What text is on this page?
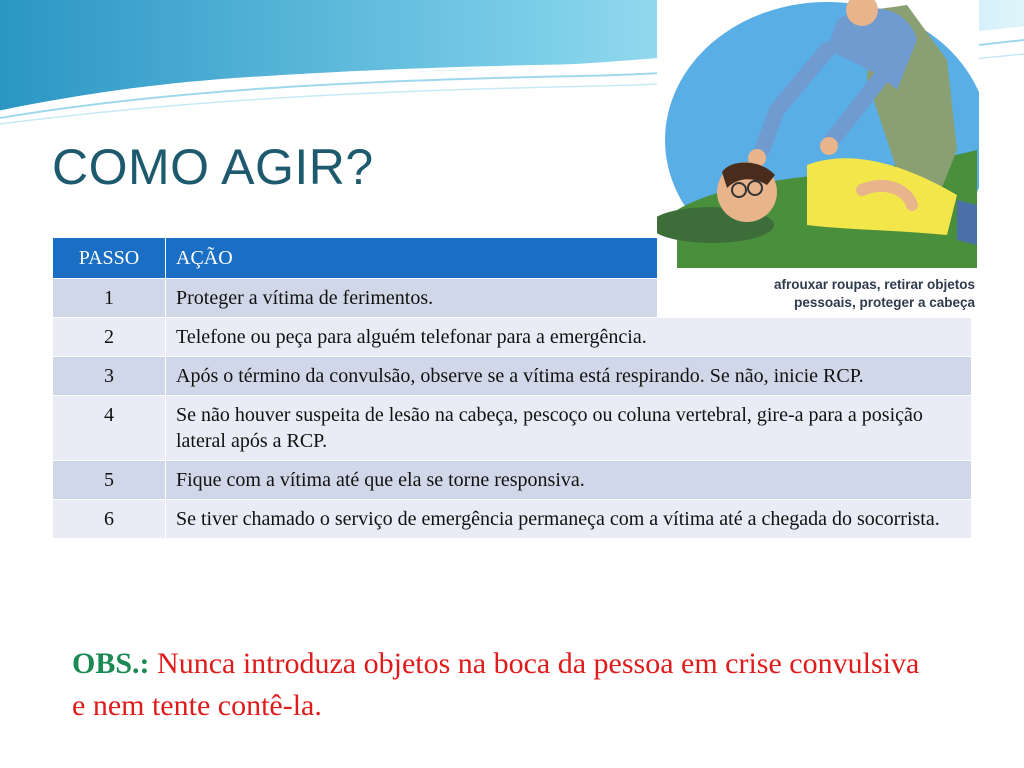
COMO AGIR?
afrouxar roupas, retirar objetos
pessoais, proteger a cabeça
PASSO	AÇÃO
1	Proteger a vítima de ferimentos.
2	Telefone ou peça para alguém telefonar para a emergência.
3	Após o término da convulsão, observe se a vítima está respirando. Se não, inicie RCP.
4	Se não houver suspeita de lesão na cabeça, pescoço ou coluna vertebral, gire-a para a posição lateral após a RCP.
5	Fique com a vítima até que ela se torne responsiva.
6	Se tiver chamado o serviço de emergência permaneça com a vítima até a chegada do socorrista.
OBS.: Nunca introduza objetos na boca da pessoa em crise convulsiva e nem tente contê-la.
